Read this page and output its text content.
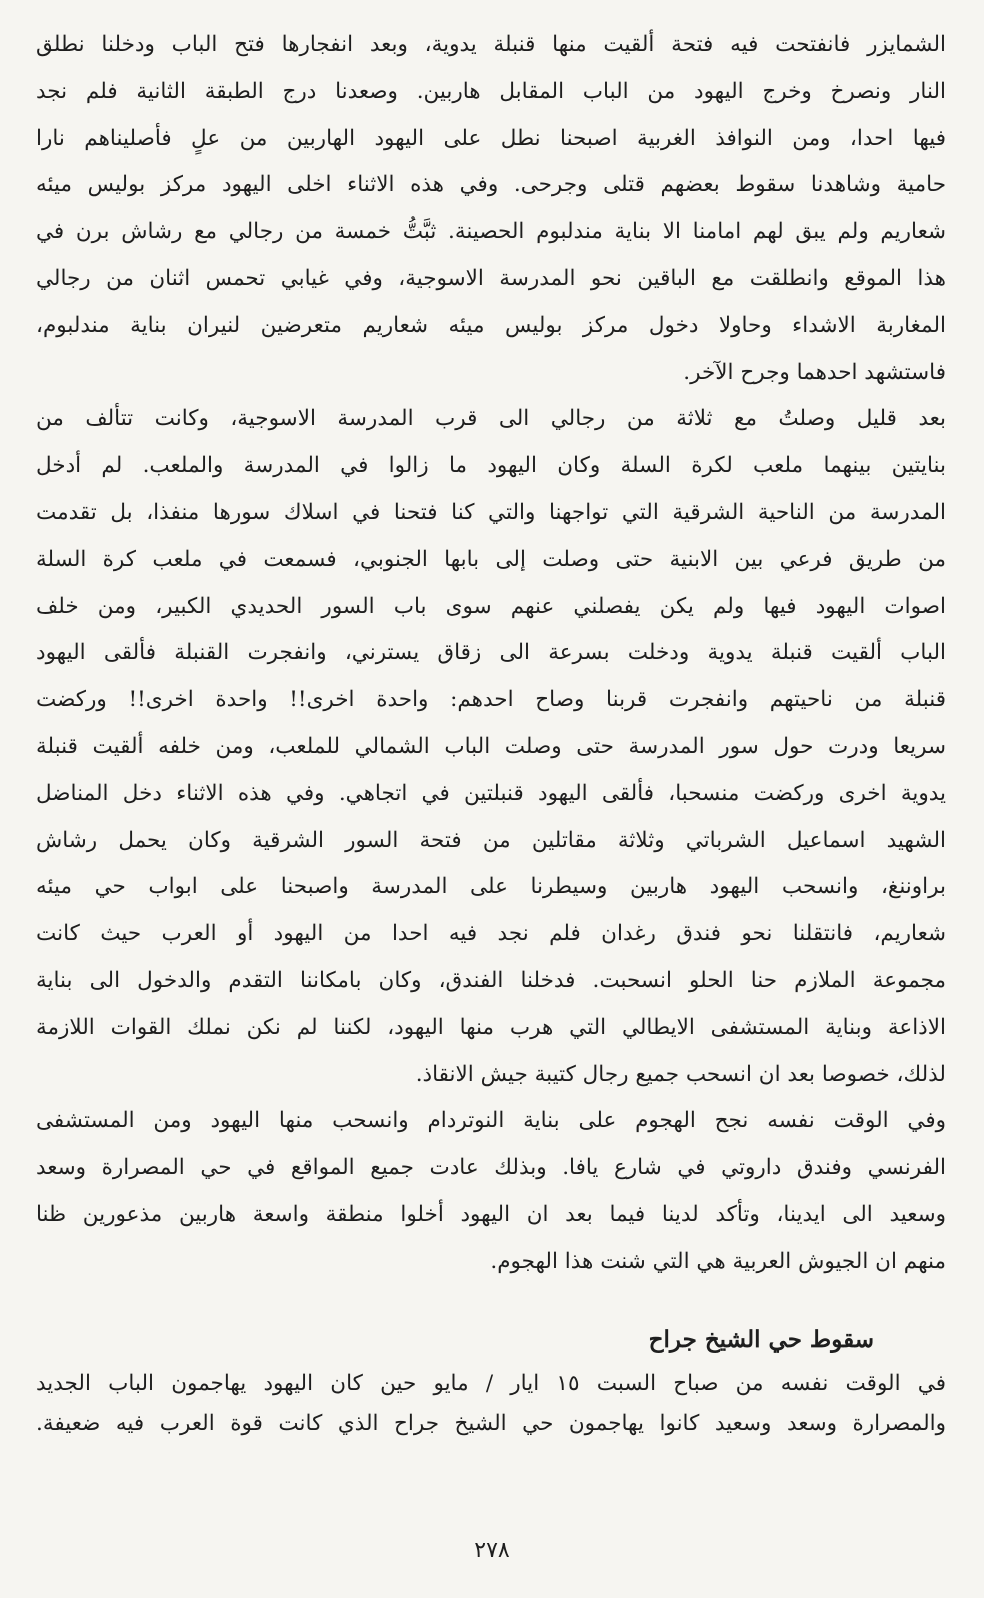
الشمايزر فانفتحت فيه فتحة ألقيت منها قنبلة يدوية، وبعد انفجارها فتح الباب ودخلنا نطلق
النار ونصرخ وخرج اليهود من الباب المقابل هاربين. وصعدنا درج الطبقة الثانية فلم نجد
فيها احدا، ومن النوافذ الغربية اصبحنا نطل على اليهود الهاربين من علٍ فأصليناهم نارا
حامية وشاهدنا سقوط بعضهم قتلى وجرحى. وفي هذه الاثناء اخلى اليهود مركز بوليس ميئه
شعاريم ولم يبق لهم امامنا الا بناية مندلبوم الحصينة. ثبَّتُّ خمسة من رجالي مع رشاش برن في
هذا الموقع وانطلقت مع الباقين نحو المدرسة الاسوجية، وفي غيابي تحمس اثنان من رجالي
المغاربة الاشداء وحاولا دخول مركز بوليس ميئه شعاريم متعرضين لنيران بناية مندلبوم،
فاستشهد احدهما وجرح الآخر.
بعد قليل وصلتُ مع ثلاثة من رجالي الى قرب المدرسة الاسوجية، وكانت تتألف من
بنايتين بينهما ملعب لكرة السلة وكان اليهود ما زالوا في المدرسة والملعب. لم أدخل
المدرسة من الناحية الشرقية التي تواجهنا والتي كنا فتحنا في اسلاك سورها منفذا، بل تقدمت
من طريق فرعي بين الابنية حتى وصلت إلى بابها الجنوبي، فسمعت في ملعب كرة السلة
اصوات اليهود فيها ولم يكن يفصلني عنهم سوى باب السور الحديدي الكبير، ومن خلف
الباب ألقيت قنبلة يدوية ودخلت بسرعة الى زقاق يسترني، وانفجرت القنبلة فألقى اليهود
قنبلة من ناحيتهم وانفجرت قربنا وصاح احدهم: واحدة اخرى!! واحدة اخرى!! وركضت
سريعا ودرت حول سور المدرسة حتى وصلت الباب الشمالي للملعب، ومن خلفه ألقيت قنبلة
يدوية اخرى وركضت منسحبا، فألقى اليهود قنبلتين في اتجاهي. وفي هذه الاثناء دخل المناضل
الشهيد اسماعيل الشرباتي وثلاثة مقاتلين من فتحة السور الشرقية وكان يحمل رشاش
براوننغ، وانسحب اليهود هاربين وسيطرنا على المدرسة واصبحنا على ابواب حي ميئه
شعاريم، فانتقلنا نحو فندق رغدان فلم نجد فيه احدا من اليهود أو العرب حيث كانت
مجموعة الملازم حنا الحلو انسحبت. فدخلنا الفندق، وكان بامكاننا التقدم والدخول الى بناية
الاذاعة وبناية المستشفى الايطالي التي هرب منها اليهود، لكننا لم نكن نملك القوات اللازمة
لذلك، خصوصا بعد ان انسحب جميع رجال كتيبة جيش الانقاذ.
وفي الوقت نفسه نجح الهجوم على بناية النوتردام وانسحب منها اليهود ومن المستشفى
الفرنسي وفندق داروتي في شارع يافا. وبذلك عادت جميع المواقع في حي المصرارة وسعد
وسعيد الى ايدينا، وتأكد لدينا فيما بعد ان اليهود أخلوا منطقة واسعة هاربين مذعورين ظنا
منهم ان الجيوش العربية هي التي شنت هذا الهجوم.
سقوط حي الشيخ جراح
في الوقت نفسه من صباح السبت ١٥ ايار / مايو حين كان اليهود يهاجمون الباب الجديد
والمصرارة وسعد وسعيد كانوا يهاجمون حي الشيخ جراح الذي كانت قوة العرب فيه ضعيفة.
٢٧٨
